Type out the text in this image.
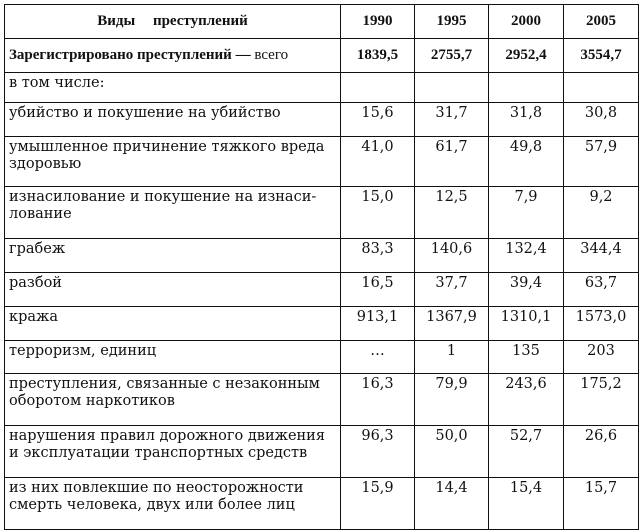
Виды преступлений	1990	1995	2000	2005
Зарегистрировано преступлений — всего	1839,5	2755,7	2952,4	3554,7
в том числе:				
убийство и покушение на убийство	15,6	31,7	31,8	30,8
умышленное причинение тяжкого вреда здоровью	41,0	61,7	49,8	57,9
изнасилование и покушение на изнаси-лование	15,0	12,5	7,9	9,2
грабеж	83,3	140,6	132,4	344,4
разбой	16,5	37,7	39,4	63,7
кража	913,1	1367,9	1310,1	1573,0
терроризм, единиц	…	1	135	203
преступления, связанные с незаконным оборотом наркотиков	16,3	79,9	243,6	175,2
нарушения правил дорожного движения и эксплуатации транспортных средств	96,3	50,0	52,7	26,6
из них повлекшие по неосторожности смерть человека, двух или более лиц	15,9	14,4	15,4	15,7
